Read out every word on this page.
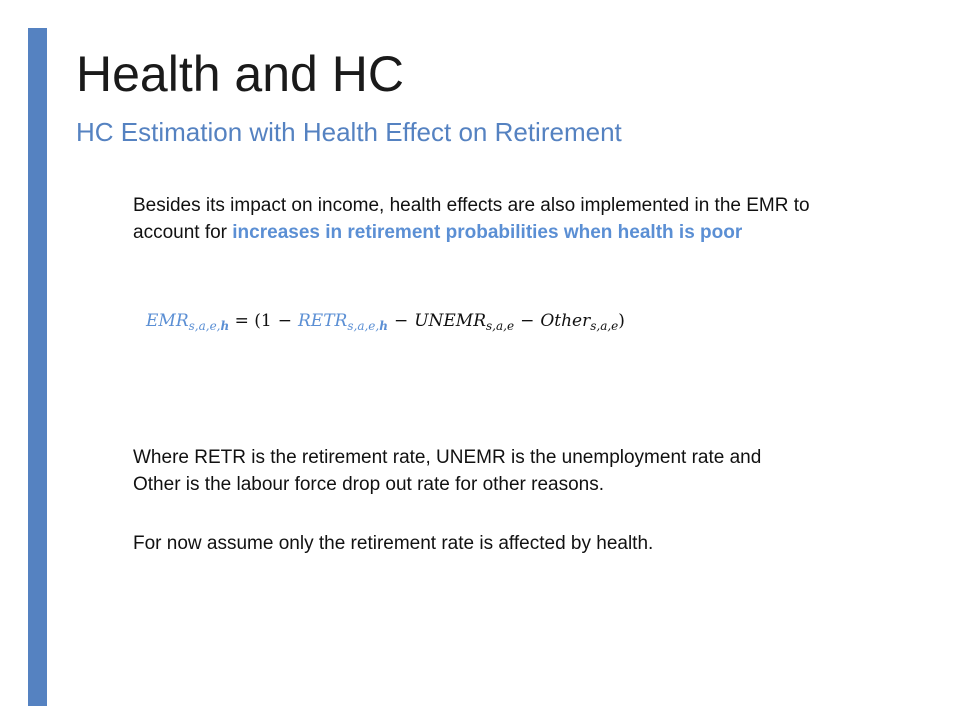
Health and HC
HC Estimation with Health Effect on Retirement
Besides its impact on income, health effects are also implemented in the EMR to
account for increases in retirement probabilities when health is poor
$EMR_{s,a,e,h} = (1$ − $RETR_{s,a,e,h}$ − $UNEMR_{s,a,e}$ − Other$_{s,a,e}$)
Where RETR is the retirement rate, UNEMR is the unemployment rate and
Other is the labour force drop out rate for other reasons.
For now assume only the retirement rate is affected by health.
